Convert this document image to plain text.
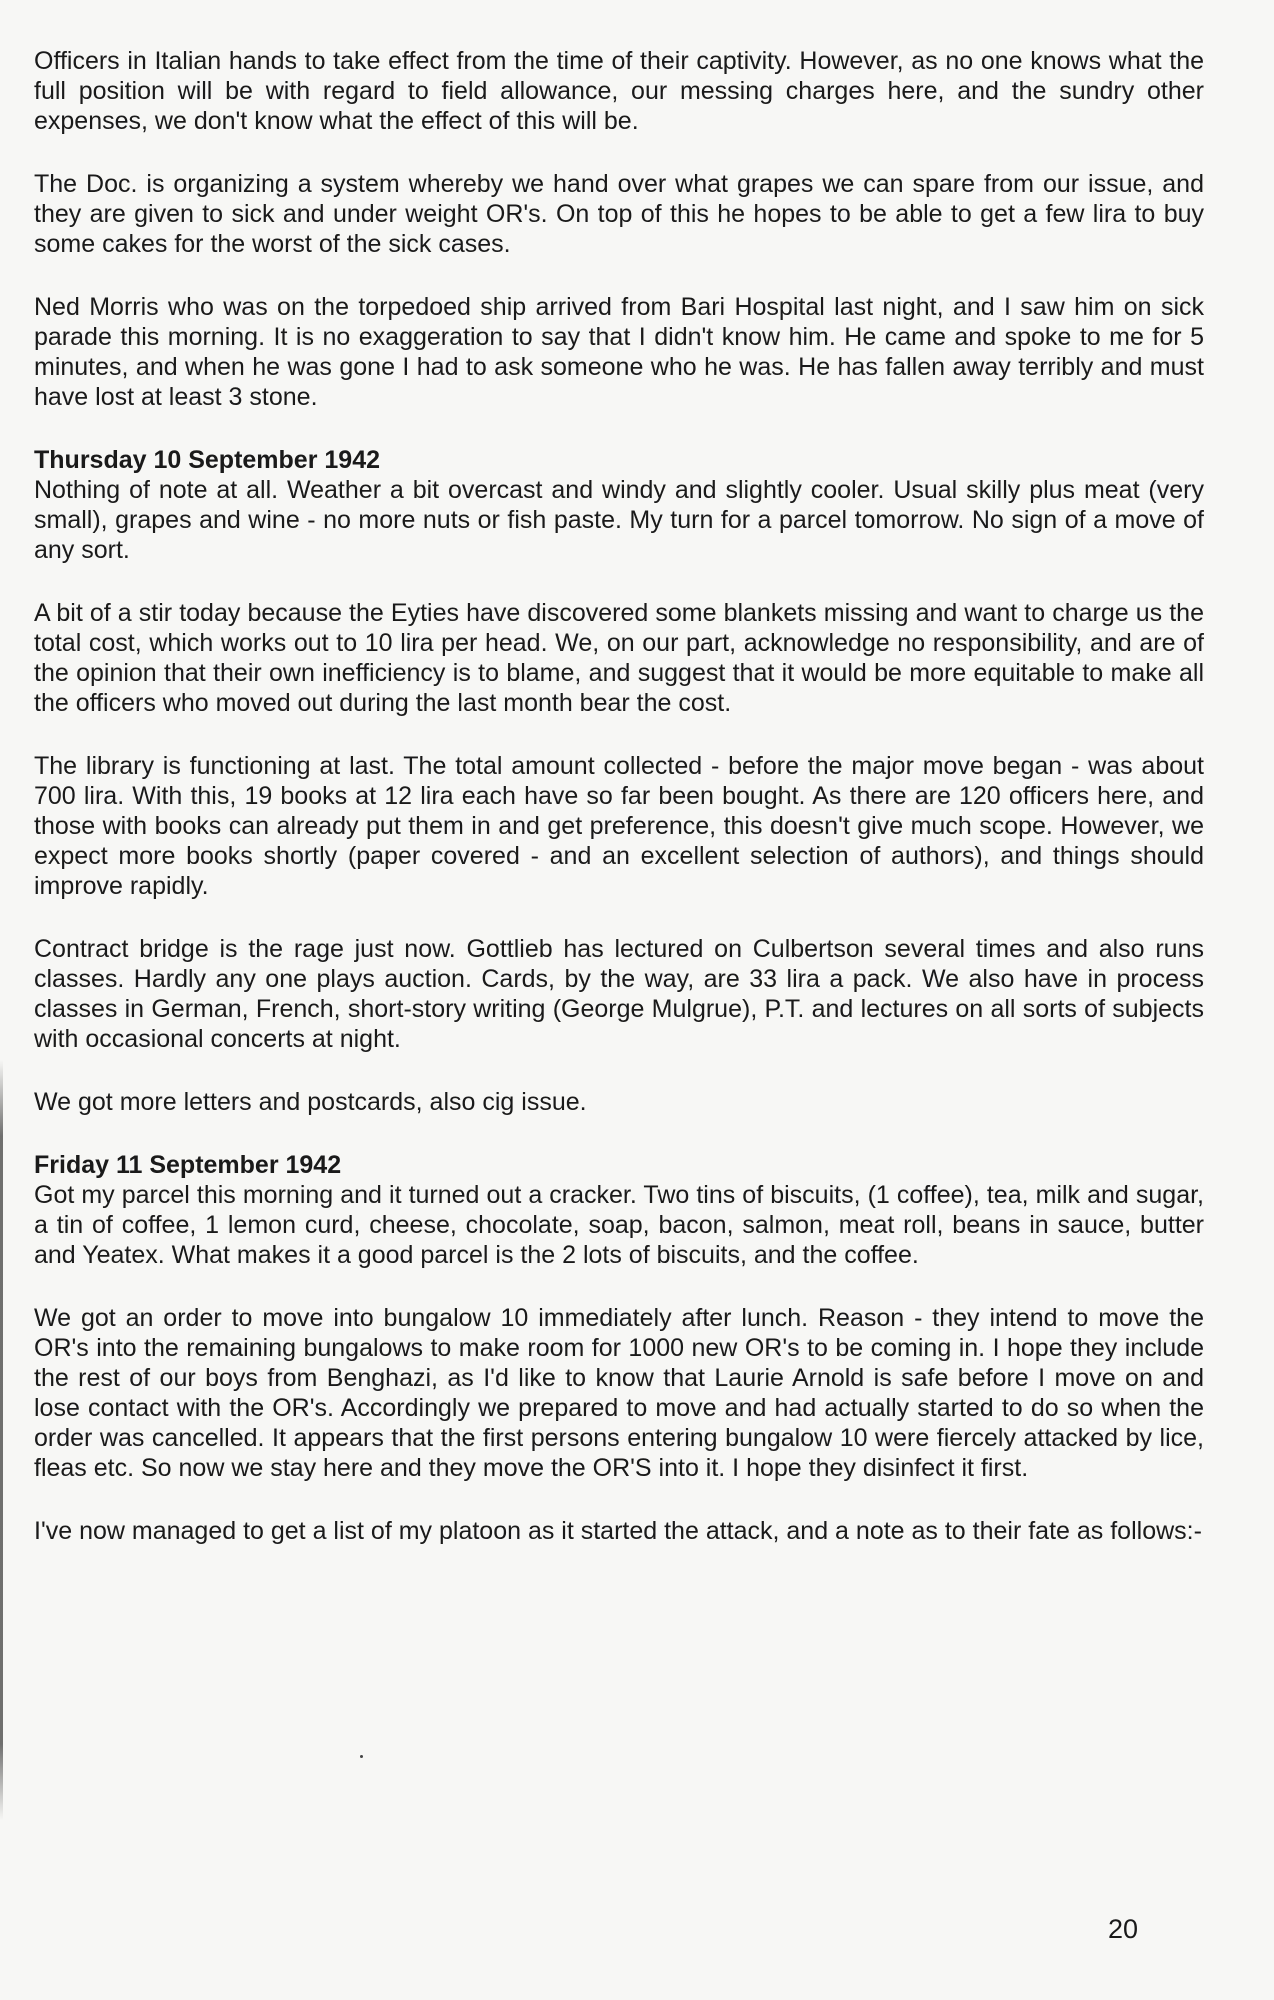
Officers in Italian hands to take effect from the time of their captivity. However, as no one knows what the full position will be with regard to field allowance, our messing charges here, and the sundry other expenses, we don't know what the effect of this will be.

The Doc. is organizing a system whereby we hand over what grapes we can spare from our issue, and they are given to sick and under weight OR's. On top of this he hopes to be able to get a few lira to buy some cakes for the worst of the sick cases.

Ned Morris who was on the torpedoed ship arrived from Bari Hospital last night, and I saw him on sick parade this morning. It is no exaggeration to say that I didn't know him. He came and spoke to me for 5 minutes, and when he was gone I had to ask someone who he was. He has fallen away terribly and must have lost at least 3 stone.

Thursday 10 September 1942

Nothing of note at all. Weather a bit overcast and windy and slightly cooler. Usual skilly plus meat (very small), grapes and wine - no more nuts or fish paste. My turn for a parcel tomorrow. No sign of a move of any sort.

A bit of a stir today because the Eyties have discovered some blankets missing and want to charge us the total cost, which works out to 10 lira per head. We, on our part, acknowledge no responsibility, and are of the opinion that their own inefficiency is to blame, and suggest that it would be more equitable to make all the officers who moved out during the last month bear the cost.

The library is functioning at last. The total amount collected - before the major move began - was about 700 lira. With this, 19 books at 12 lira each have so far been bought. As there are 120 officers here, and those with books can already put them in and get preference, this doesn't give much scope. However, we expect more books shortly (paper covered - and an excellent selection of authors), and things should improve rapidly.

Contract bridge is the rage just now. Gottlieb has lectured on Culbertson several times and also runs classes. Hardly any one plays auction. Cards, by the way, are 33 lira a pack. We also have in process classes in German, French, short-story writing (George Mulgrue), P.T. and lectures on all sorts of subjects with occasional concerts at night.

We got more letters and postcards, also cig issue.

Friday 11 September 1942

Got my parcel this morning and it turned out a cracker. Two tins of biscuits, (1 coffee), tea, milk and sugar, a tin of coffee, 1 lemon curd, cheese, chocolate, soap, bacon, salmon, meat roll, beans in sauce, butter and Yeatex. What makes it a good parcel is the 2 lots of biscuits, and the coffee.

We got an order to move into bungalow 10 immediately after lunch. Reason - they intend to move the OR's into the remaining bungalows to make room for 1000 new OR's to be coming in. I hope they include the rest of our boys from Benghazi, as I'd like to know that Laurie Arnold is safe before I move on and lose contact with the OR's. Accordingly we prepared to move and had actually started to do so when the order was cancelled. It appears that the first persons entering bungalow 10 were fiercely attacked by lice, fleas etc. So now we stay here and they move the OR'S into it. I hope they disinfect it first.

I've now managed to get a list of my platoon as it started the attack, and a note as to their fate as follows:-

20
